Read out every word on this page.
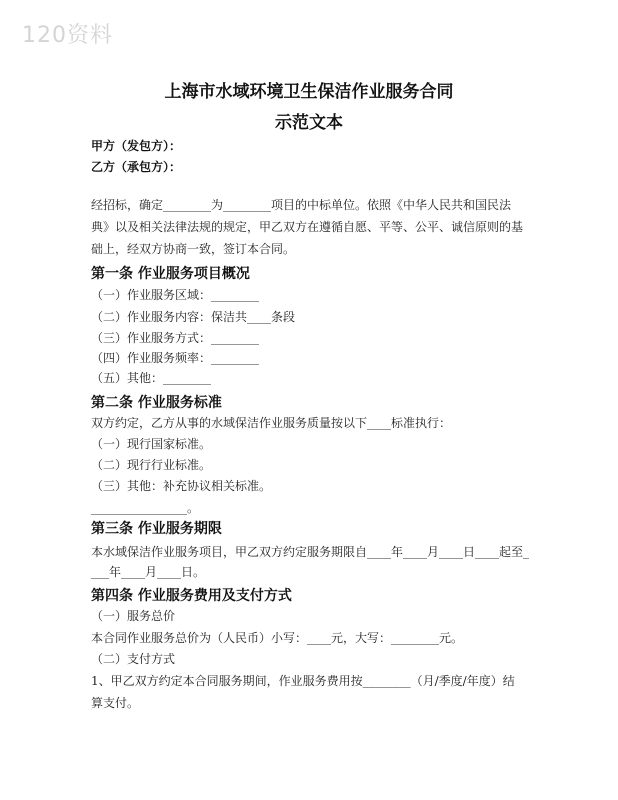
120资料
上海市水域环境卫生保洁作业服务合同
示范文本
甲方（发包方）：
乙方（承包方）：
经招标，确定________为________项目的中标单位。依照《中华人民共和国民法
典》以及相关法律法规的规定，甲乙双方在遵循自愿、平等、公平、诚信原则的基
础上，经双方协商一致，签订本合同。
第一条 作业服务项目概况
（一）作业服务区域：________
（二）作业服务内容：保洁共____条段
（三）作业服务方式：________
（四）作业服务频率：________
（五）其他：________
第二条 作业服务标准
双方约定，乙方从事的水域保洁作业服务质量按以下____标准执行：
（一）现行国家标准。
（二）现行行业标准。
（三）其他：补充协议相关标准。
________________。
第三条 作业服务期限
本水域保洁作业服务项目，甲乙双方约定服务期限自____年____月____日____起至_
___年____月____日。
第四条 作业服务费用及支付方式
（一）服务总价
本合同作业服务总价为（人民币）小写：____元，大写：________元。
（二）支付方式
1、甲乙双方约定本合同服务期间，作业服务费用按________（月/季度/年度）结
算支付。
